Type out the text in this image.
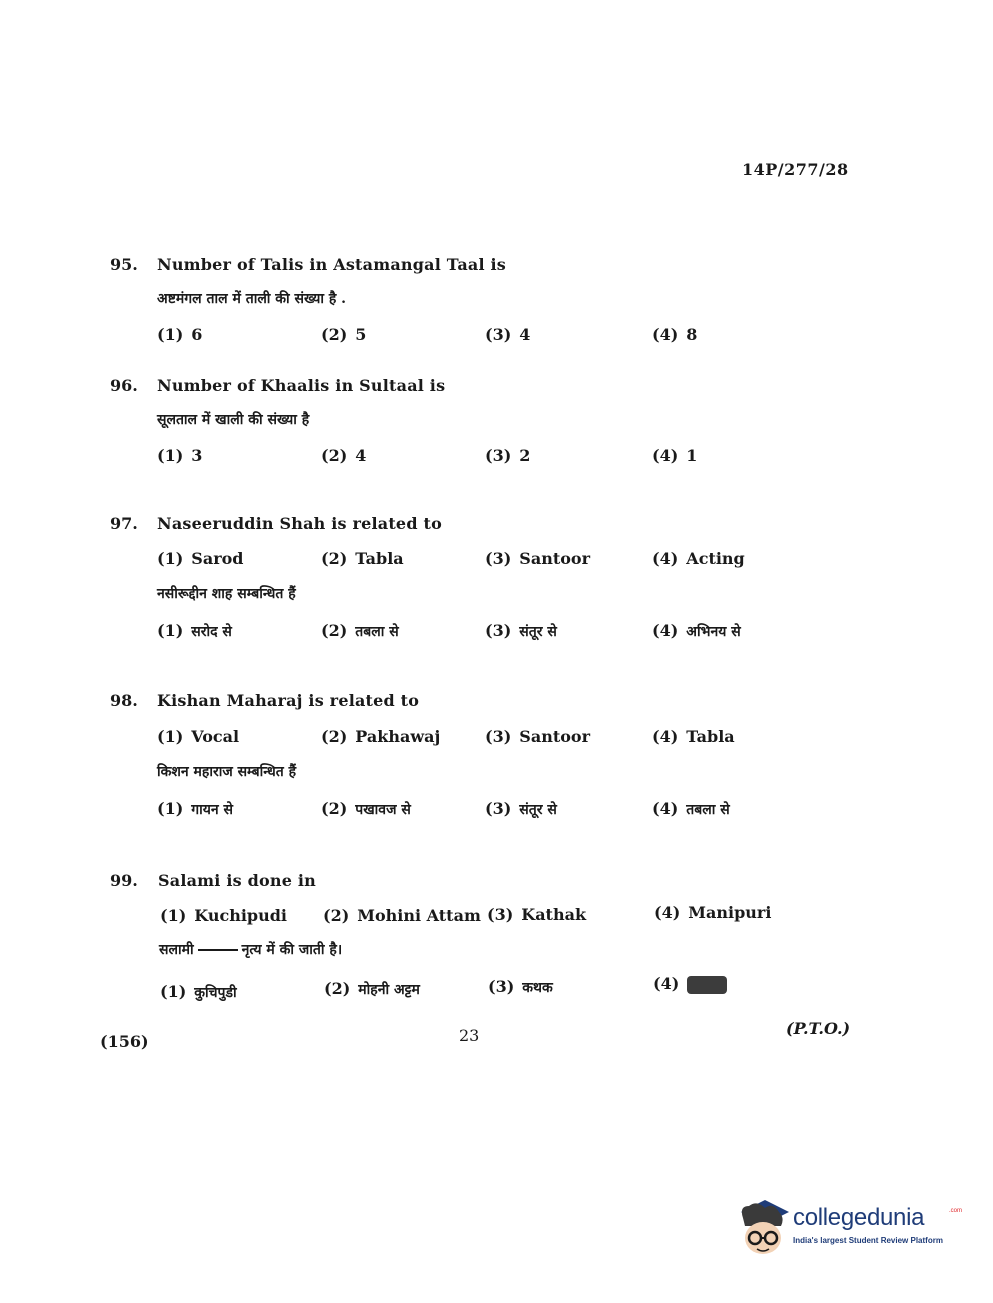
14P/277/28
95. Number of Talis in Astamangal Taal is
अष्टमंगल ताल में ताली की संख्या है .
(1) 6	(2) 5	(3) 4	(4) 8
96. Number of Khaalis in Sultaal is
सूलताल में खाली की संख्या है
(1) 3	(2) 4	(3) 2	(4) 1
97. Naseeruddin Shah is related to
(1) Sarod	(2) Tabla	(3) Santoor	(4) Acting
नसीरूद्दीन शाह सम्बन्धित हैं
(1) सरोद से	(2) तबला से	(3) संतूर से	(4) अभिनय से
98. Kishan Maharaj is related to
(1) Vocal	(2) Pakhawaj	(3) Santoor	(4) Tabla
किशन महाराज सम्बन्धित हैं
(1) गायन से	(2) पखावज से	(3) संतूर से	(4) तबला से
99. Salami is done in
(1) Kuchipudi (2) Mohini Attam (3) Kathak	(4) Manipuri
सलामी	नृत्य में की जाती है।
(1) कुचिपुडी	(2) मोहनी अट्टम	(3) कथक	(4)
(156)	23	(P.T.O.)
collegedunia	.com
India's largest Student Review Platform
